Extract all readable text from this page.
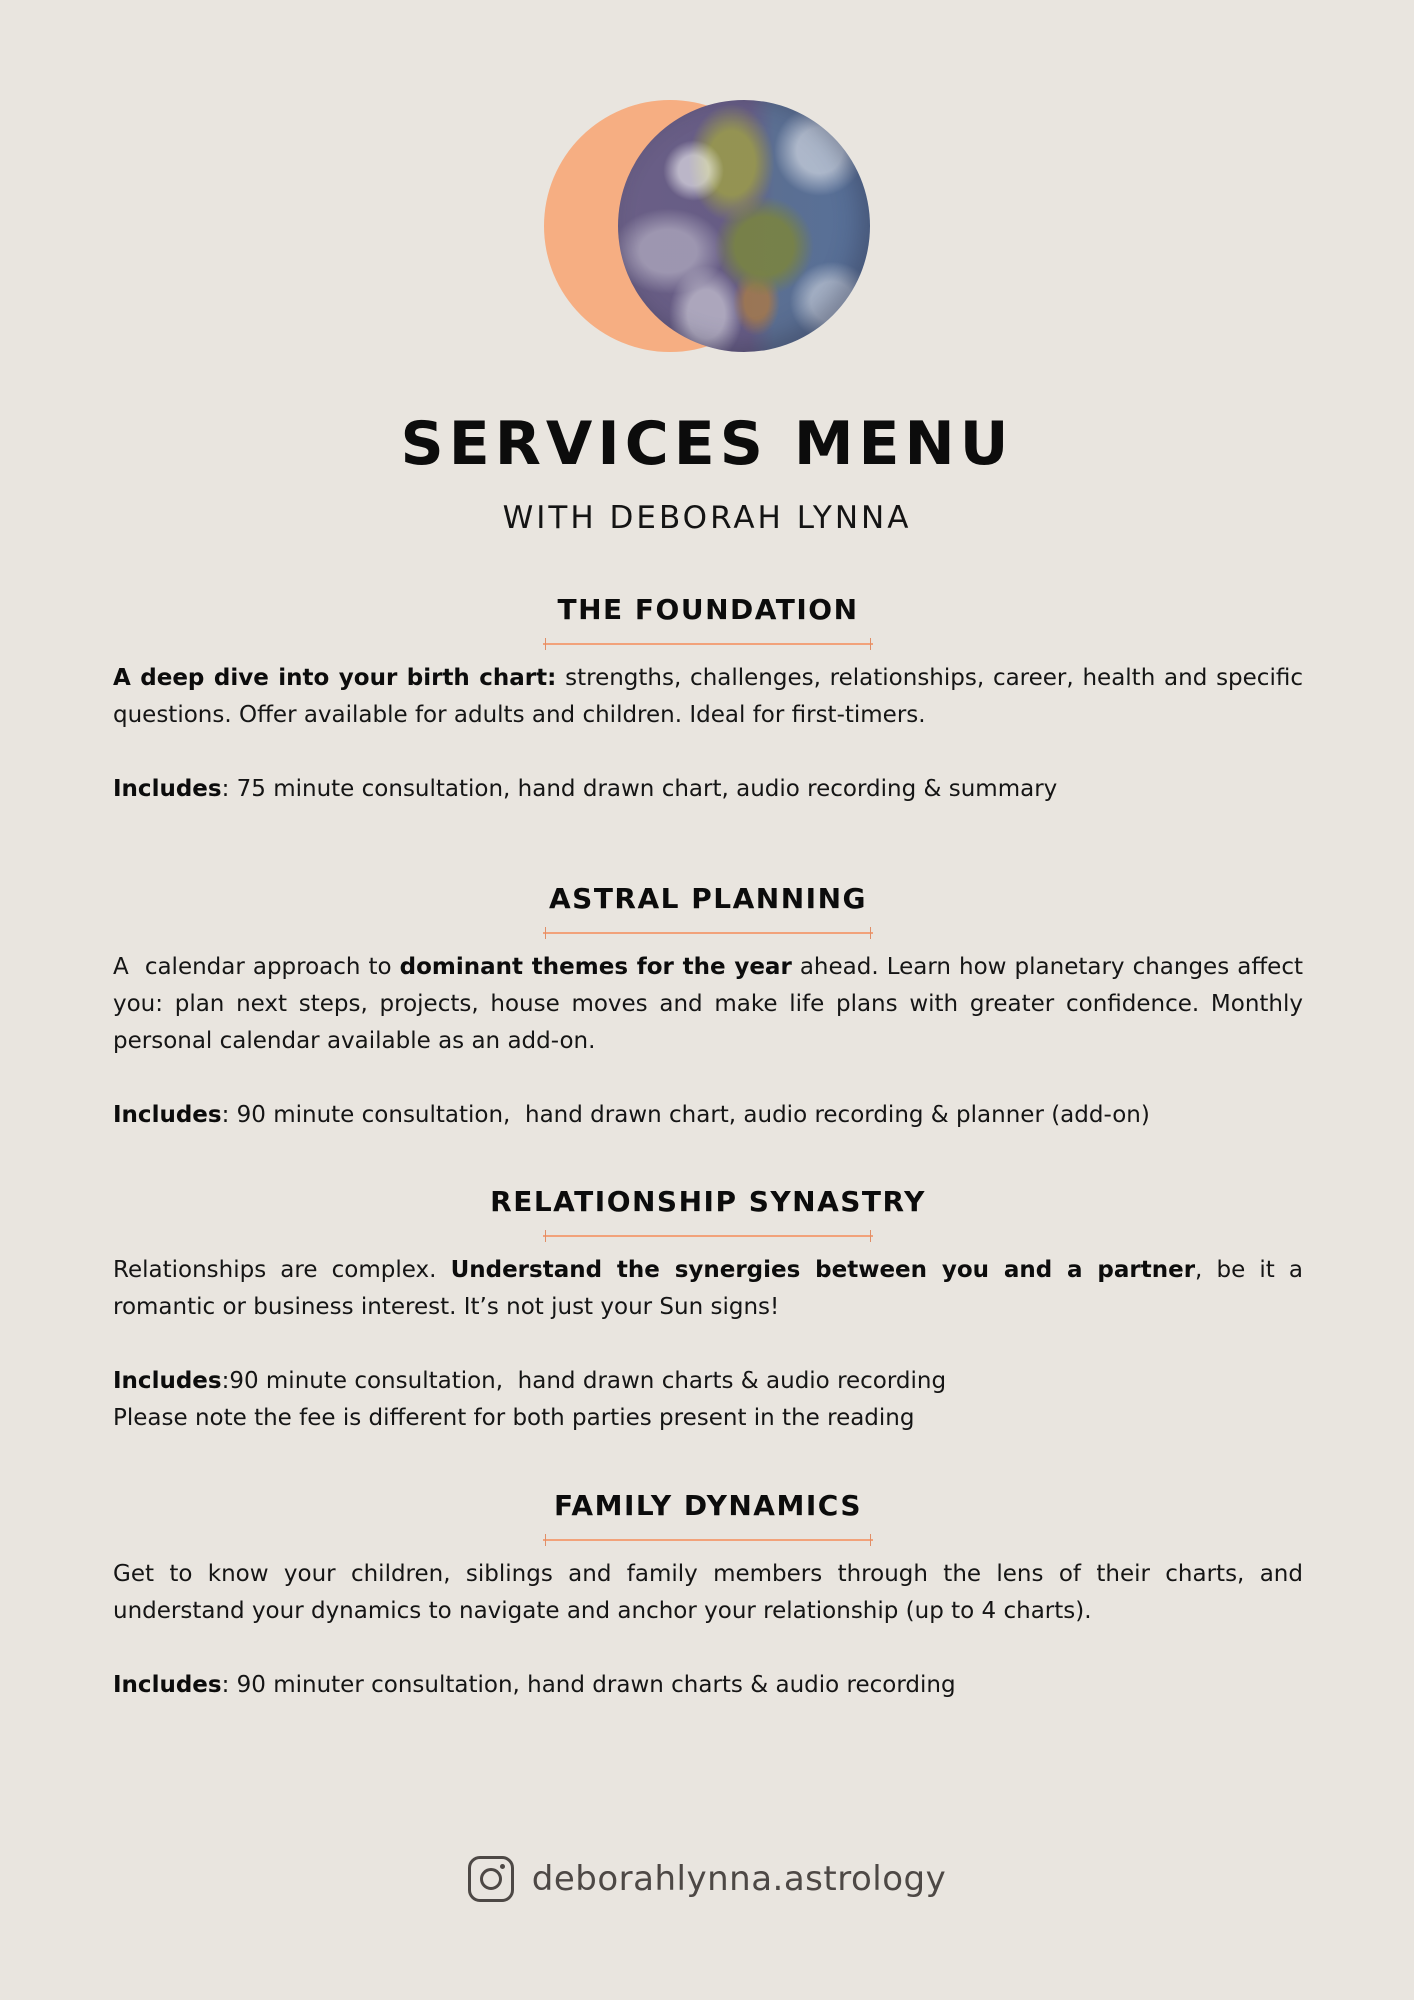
SERVICES MENU
WITH DEBORAH LYNNA
THE FOUNDATION

A deep dive into your birth chart: strengths, challenges, relationships, career, health and specific questions. Offer available for adults and children. Ideal for first-timers.

Includes: 75 minute consultation, hand drawn chart, audio recording & summary

ASTRAL PLANNING

A  calendar approach to dominant themes for the year ahead. Learn how planetary changes affect you: plan next steps, projects, house moves and make life plans with greater confidence. Monthly personal calendar available as an add-on.

Includes: 90 minute consultation,  hand drawn chart, audio recording & planner (add-on)

RELATIONSHIP SYNASTRY

Relationships are complex. Understand the synergies between you and a partner, be it a romantic or business interest. It’s not just your Sun signs!

Includes:90 minute consultation,  hand drawn charts & audio recording

Please note the fee is different for both parties present in the reading

FAMILY DYNAMICS

Get to know your children, siblings and family members through the lens of their charts, and understand your dynamics to navigate and anchor your relationship (up to 4 charts).

Includes: 90 minuter consultation, hand drawn charts & audio recording

deborahlynna.astrology
